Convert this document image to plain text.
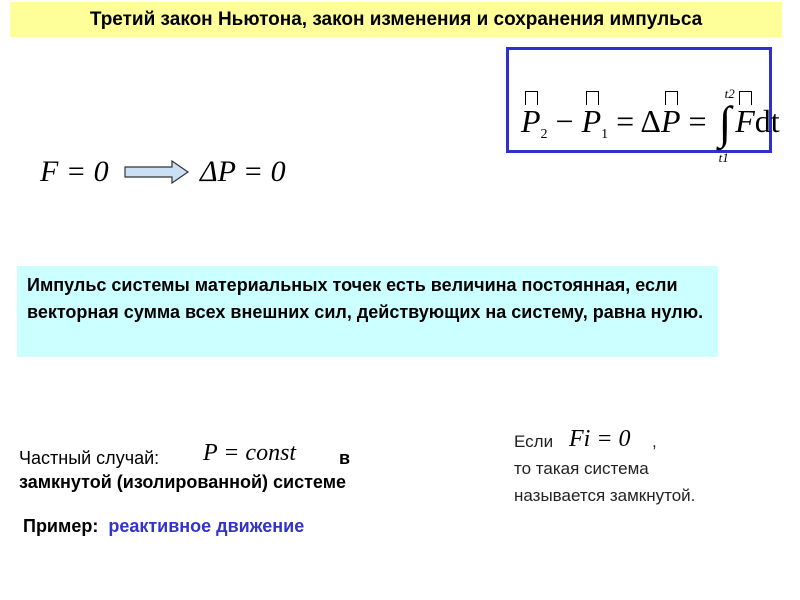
Третий закон Ньютона, закон изменения и сохранения импульса
$P_2 - P_1 = \Delta P$ = ∫
t2
t1
Fdt
F = 0	ΔP = 0

Импульс системы материальных точек есть величина постоянная, если векторная сумма всех внешних сил, действующих на систему, равна нулю.

Частный случай: P = const в
замкнутой (изолированной) системе
Пример: реактивное движение
Если Fi = 0 ,
то такая система
называется замкнутой.
